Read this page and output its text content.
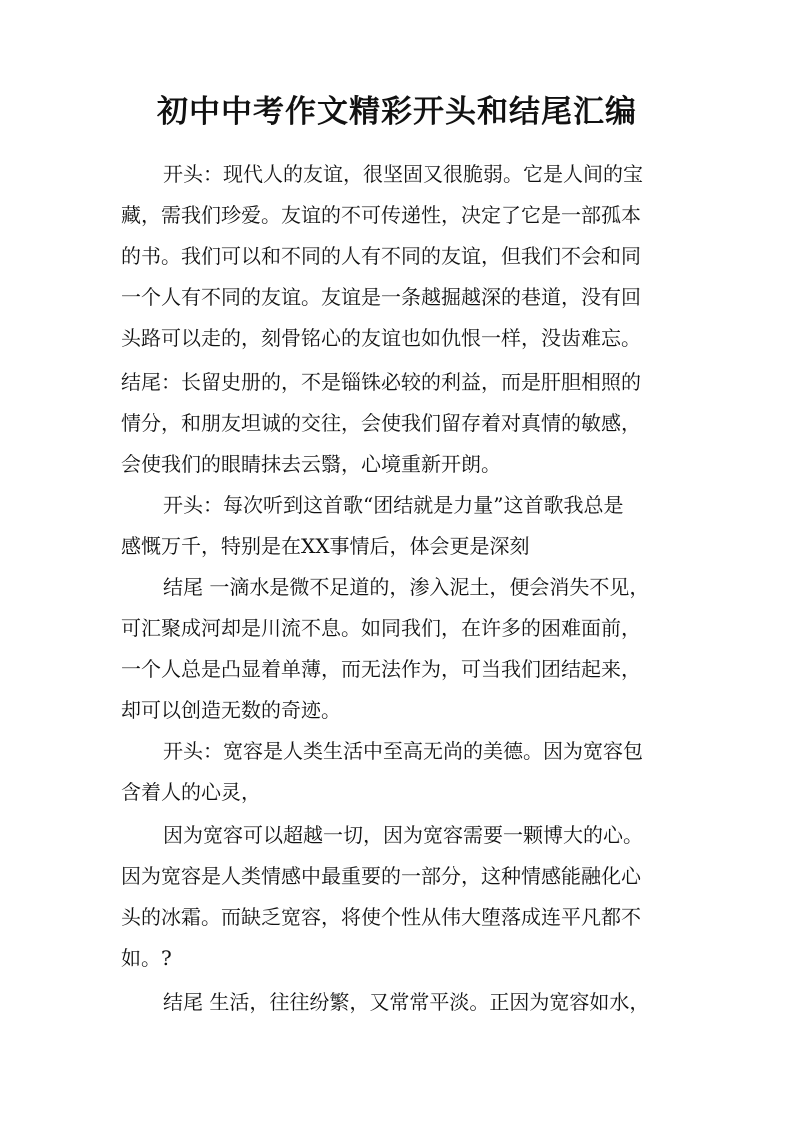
初中中考作文精彩开头和结尾汇编
开头：现代人的友谊，很坚固又很脆弱。它是人间的宝
藏，需我们珍爱。友谊的不可传递性，决定了它是一部孤本
的书。我们可以和不同的人有不同的友谊，但我们不会和同
一个人有不同的友谊。友谊是一条越掘越深的巷道，没有回
头路可以走的，刻骨铭心的友谊也如仇恨一样，没齿难忘。
结尾：长留史册的，不是锱铢必较的利益，而是肝胆相照的
情分，和朋友坦诚的交往，会使我们留存着对真情的敏感，
会使我们的眼睛抹去云翳，心境重新开朗。
开头：每次听到这首歌“团结就是力量”这首歌我总是
感慨万千，特别是在XX事情后，体会更是深刻
结尾 一滴水是微不足道的，渗入泥土，便会消失不见，
可汇聚成河却是川流不息。如同我们，在许多的困难面前，
一个人总是凸显着单薄，而无法作为，可当我们团结起来，
却可以创造无数的奇迹。
开头：宽容是人类生活中至高无尚的美德。因为宽容包
含着人的心灵，
因为宽容可以超越一切，因为宽容需要一颗博大的心。
因为宽容是人类情感中最重要的一部分，这种情感能融化心
头的冰霜。而缺乏宽容，将使个性从伟大堕落成连平凡都不
如。?
结尾 生活，往往纷繁，又常常平淡。正因为宽容如水，
